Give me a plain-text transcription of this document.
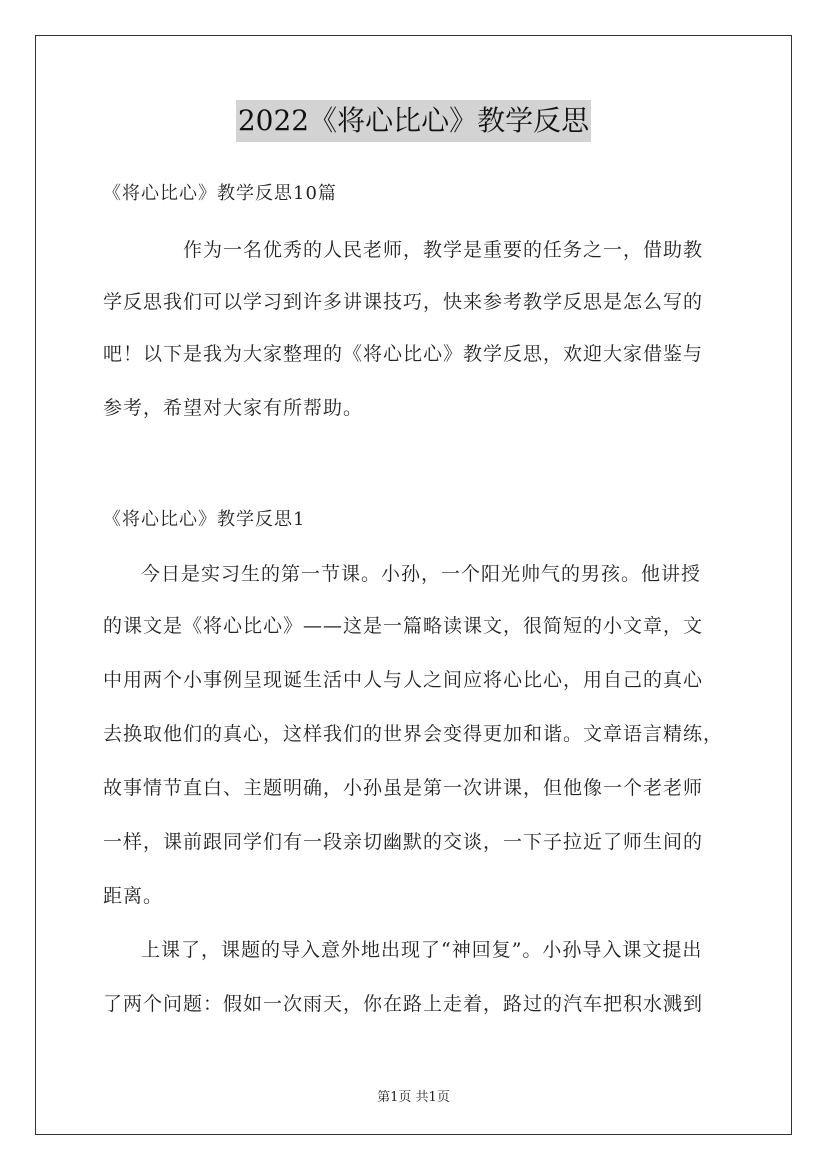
2022《将心比心》教学反思
《将心比心》教学反思10篇
作为一名优秀的人民老师，教学是重要的任务之一，借助教
学反思我们可以学习到许多讲课技巧，快来参考教学反思是怎么写的
吧！以下是我为大家整理的《将心比心》教学反思，欢迎大家借鉴与
参考，希望对大家有所帮助。
《将心比心》教学反思1
今日是实习生的第一节课。小孙，一个阳光帅气的男孩。他讲授
的课文是《将心比心》——这是一篇略读课文，很简短的小文章，文
中用两个小事例呈现诞生活中人与人之间应将心比心，用自己的真心
去换取他们的真心，这样我们的世界会变得更加和谐。文章语言精练，
故事情节直白、主题明确，小孙虽是第一次讲课，但他像一个老老师
一样，课前跟同学们有一段亲切幽默的交谈，一下子拉近了师生间的
距离。
上课了，课题的导入意外地出现了“神回复”。小孙导入课文提出
了两个问题：假如一次雨天，你在路上走着，路过的汽车把积水溅到
第1页 共1页
